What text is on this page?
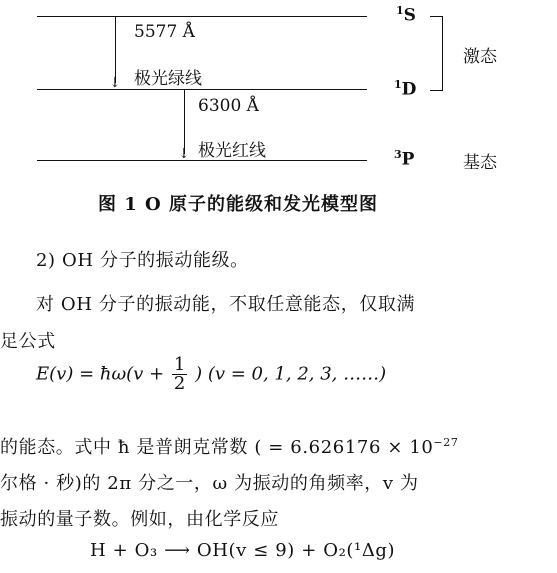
$^1$S
$^1$D
$^3$P
激态
基态
↓
5577 Å
极光绿线
↓
6300 Å
极光红线
图 1 O 原子的能级和发光模型图
2) OH 分子的振动能级。
对 OH 分子的振动能，不取任意能态，仅取满
足公式
E(v) = ħω(v + $\frac{1}{2}$ ) (v = 0, 1, 2, 3, ……)
的能态。式中 ħ 是普朗克常数 ( = $6.626176 \times 10^{-27}$
尔格 · 秒)的 2π 分之一，ω 为振动的角频率，v 为
振动的量子数。例如，由化学反应
H + O₃ ⟶ OH(v ≤ 9) + O₂(¹Δg)
